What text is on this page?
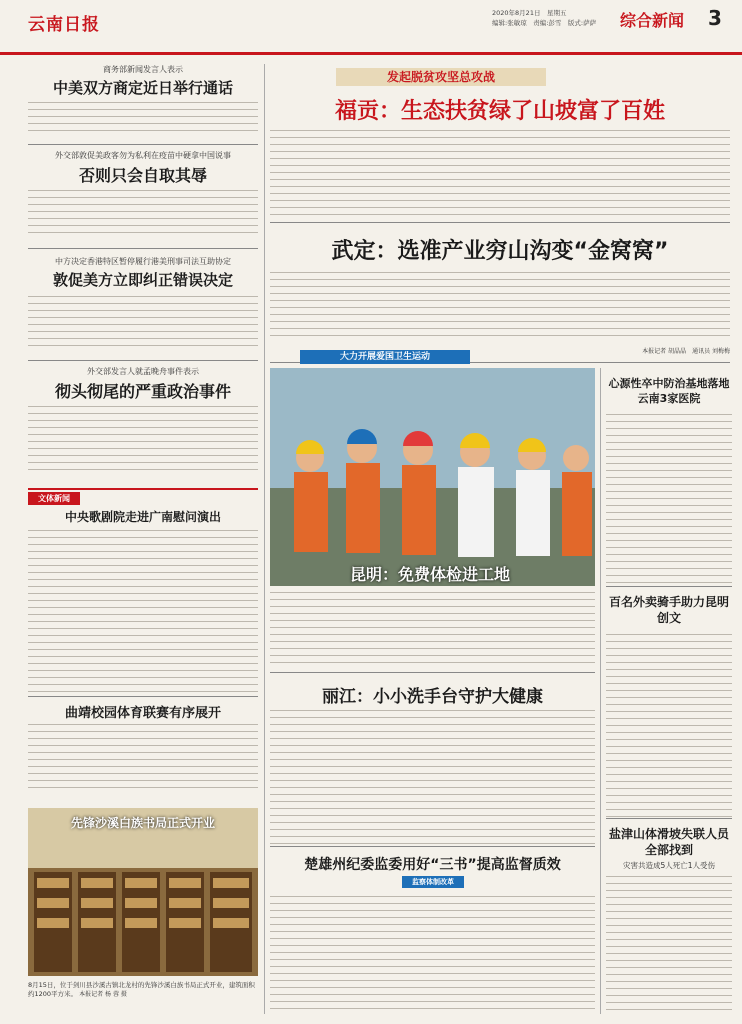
云南日报
2020年8月21日　星期五
编辑:张敏琼　责编:彭雪　版式:萨萨 综合新闻 3
商务部新闻发言人表示
中美双方商定近日举行通话
外交部敦促美政客勿为私利在疫苗中硬拿中国说事
否则只会自取其辱
中方决定香港特区暂停履行港美刑事司法互助协定
敦促美方立即纠正错误决定
外交部发言人就孟晚舟事件表示
彻头彻尾的严重政治事件
文体新闻
中央歌剧院走进广南慰问演出
曲靖校园体育联赛有序展开
先锋沙溪白族书局正式开业
8月15日，位于剑川县沙溪古镇北龙村的先锋沙溪白族书局正式开业，建筑面积约1200平方米。 本报记者 杨 蓉 摄
发起脱贫攻坚总攻战
福贡：生态扶贫绿了山坡富了百姓
武定：选准产业穷山沟变“金窝窝”
本报记者 胡晶晶　通讯员 刘梅梅
大力开展爱国卫生运动
昆明：免费体检进工地
丽江：小小洗手台守护大健康
楚雄州纪委监委用好“三书”提高监督质效
监察体制改革
心源性卒中防治基地落地云南3家医院
百名外卖骑手助力昆明创文
盐津山体滑坡失联人员全部找到
灾害共造成5人死亡1人受伤
